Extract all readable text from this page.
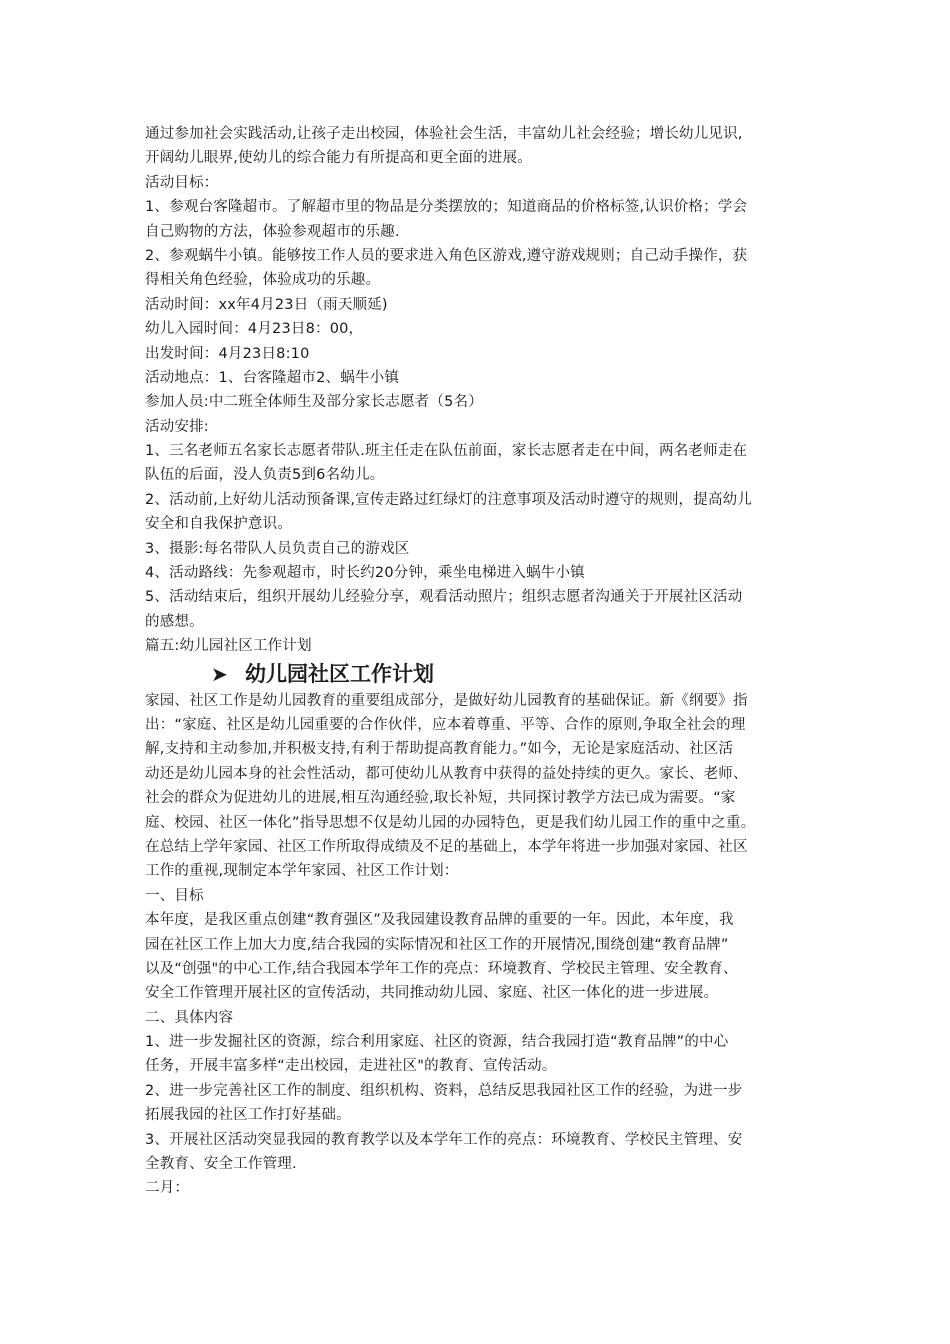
通过参加社会实践活动,让孩子走出校园，体验社会生活，丰富幼儿社会经验；增长幼儿见识,
开阔幼儿眼界,使幼儿的综合能力有所提高和更全面的进展。
活动目标：
1、参观台客隆超市。了解超市里的物品是分类摆放的；知道商品的价格标签,认识价格；学会
自己购物的方法，体验参观超市的乐趣.
2、参观蜗牛小镇。能够按工作人员的要求进入角色区游戏,遵守游戏规则；自己动手操作，获
得相关角色经验，体验成功的乐趣。
活动时间：xx年4月23日（雨天顺延)
幼儿入园时间：4月23日8：00，
出发时间：4月23日8:10
活动地点：1、台客隆超市2、蜗牛小镇
参加人员:中二班全体师生及部分家长志愿者（5名）
活动安排:
1、三名老师五名家长志愿者带队.班主任走在队伍前面，家长志愿者走在中间，两名老师走在
队伍的后面，没人负责5到6名幼儿。
2、活动前,上好幼儿活动预备课,宣传走路过红绿灯的注意事项及活动时遵守的规则，提高幼儿
安全和自我保护意识。
3、摄影:每名带队人员负责自己的游戏区
4、活动路线：先参观超市，时长约20分钟，乘坐电梯进入蜗牛小镇
5、活动结束后，组织开展幼儿经验分享，观看活动照片；组织志愿者沟通关于开展社区活动
的感想。
篇五:幼儿园社区工作计划
➤ 幼儿园社区工作计划
家园、社区工作是幼儿园教育的重要组成部分，是做好幼儿园教育的基础保证。新《纲要》指
出：“家庭、社区是幼儿园重要的合作伙伴，应本着尊重、平等、合作的原则,争取全社会的理
解,支持和主动参加,并积极支持,有利于帮助提高教育能力。”如今，无论是家庭活动、社区活
动还是幼儿园本身的社会性活动，都可使幼儿从教育中获得的益处持续的更久。家长、老师、
社会的群众为促进幼儿的进展,相互沟通经验,取长补短，共同探讨教学方法已成为需要。“家
庭、校园、社区一体化”指导思想不仅是幼儿园的办园特色，更是我们幼儿园工作的重中之重。
在总结上学年家园、社区工作所取得成绩及不足的基础上，本学年将进一步加强对家园、社区
工作的重视,现制定本学年家园、社区工作计划：
一、目标
本年度，是我区重点创建“教育强区”及我园建设教育品牌的重要的一年。因此，本年度，我
园在社区工作上加大力度,结合我园的实际情况和社区工作的开展情况,围绕创建“教育品牌”
以及“创强"的中心工作,结合我园本学年工作的亮点：环境教育、学校民主管理、安全教育、
安全工作管理开展社区的宣传活动，共同推动幼儿园、家庭、社区一体化的进一步进展。
二、具体内容
1、进一步发掘社区的资源，综合利用家庭、社区的资源，结合我园打造“教育品牌”的中心
任务，开展丰富多样“走出校园，走进社区"的教育、宣传活动。
2、进一步完善社区工作的制度、组织机构、资料，总结反思我园社区工作的经验，为进一步
拓展我园的社区工作打好基础。
3、开展社区活动突显我园的教育教学以及本学年工作的亮点：环境教育、学校民主管理、安
全教育、安全工作管理.
二月：
